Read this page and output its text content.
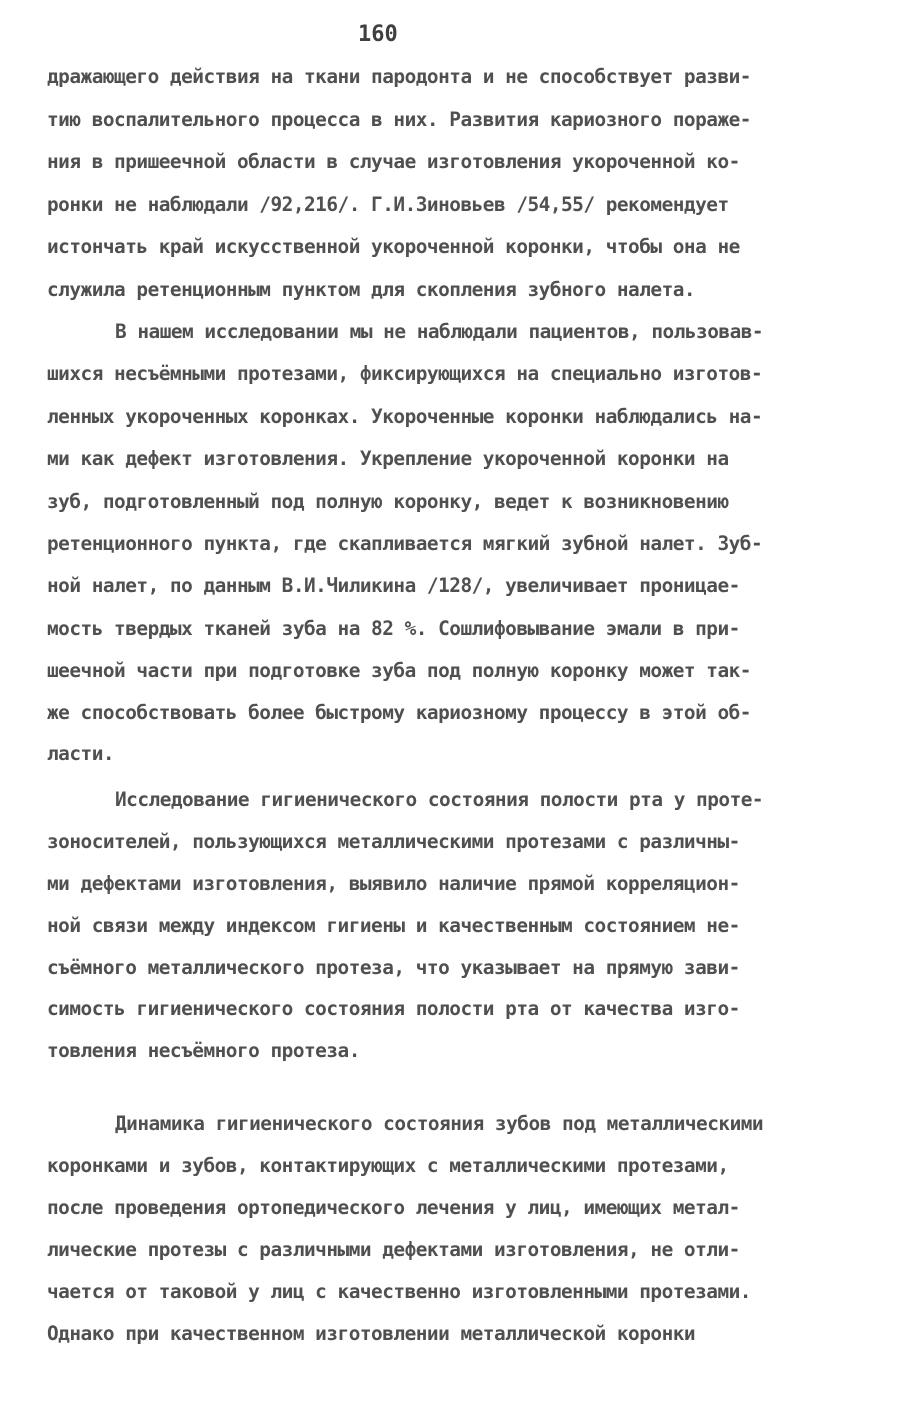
160
дражающего действия на ткани пародонта и не способствует разви-
тию воспалительного процесса в них. Развития кариозного пораже-
ния в пришеечной области в случае изготовления укороченной ко-
ронки не наблюдали /92,216/. Г.И.Зиновьев /54,55/ рекомендует
истончать край искусственной укороченной коронки, чтобы она не
служила ретенционным пунктом для скопления зубного налета.
В нашем исследовании мы не наблюдали пациентов, пользовав-
шихся несъёмными протезами, фиксирующихся на специально изготов-
ленных укороченных коронках. Укороченные коронки наблюдались на-
ми как дефект изготовления. Укрепление укороченной коронки на
зуб, подготовленный под полную коронку, ведет к возникновению
ретенционного пункта, где скапливается мягкий зубной налет. Зуб-
ной налет, по данным В.И.Чиликина /128/, увеличивает проницае-
мость твердых тканей зуба на 82 %. Сошлифовывание эмали в при-
шеечной части при подготовке зуба под полную коронку может так-
же способствовать более быстрому кариозному процессу в этой об-
ласти.
Исследование гигиенического состояния полости рта у проте-
зоносителей, пользующихся металлическими протезами с различны-
ми дефектами изготовления, выявило наличие прямой корреляцион-
ной связи между индексом гигиены и качественным состоянием не-
съёмного металлического протеза, что указывает на прямую зави-
симость гигиенического состояния полости рта от качества изго-
товления несъёмного протеза.
Динамика гигиенического состояния зубов под металлическими
коронками и зубов, контактирующих с металлическими протезами,
после проведения ортопедического лечения у лиц, имеющих метал-
лические протезы с различными дефектами изготовления, не отли-
чается от таковой у лиц с качественно изготовленными протезами.
Однако при качественном изготовлении металлической коронки
